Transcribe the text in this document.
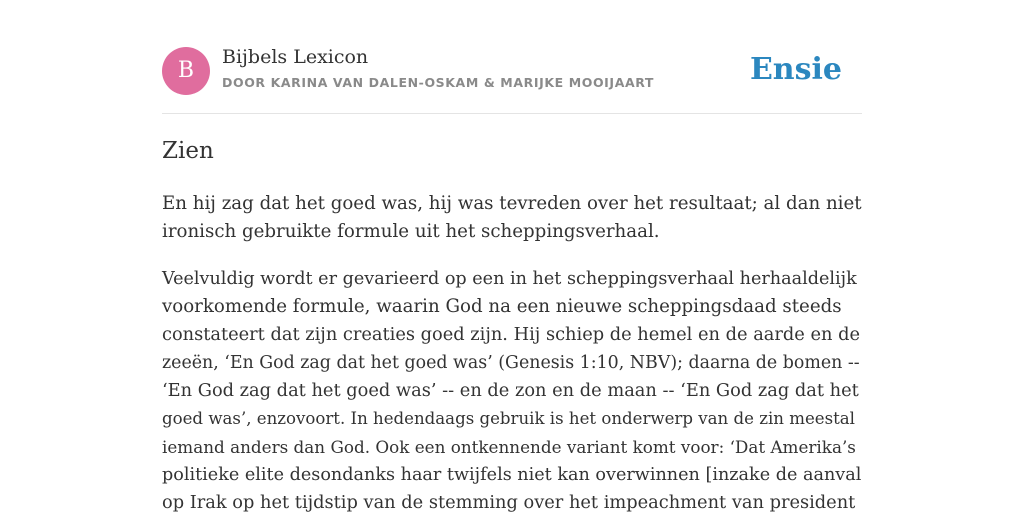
B
Bijbels Lexicon
DOOR KARINA VAN DALEN-OSKAM & MARIJKE MOOIJAART	Ensie
Zien

En hij zag dat het goed was, hij was tevreden over het resultaat; al dan niet
ironisch gebruikte formule uit het scheppingsverhaal.

Veelvuldig wordt er gevarieerd op een in het scheppingsverhaal herhaaldelijk
voorkomende formule, waarin God na een nieuwe scheppingsdaad steeds
constateert dat zijn creaties goed zijn. Hij schiep de hemel en de aarde en de
zeeën, ‘En God zag dat het goed was’ (Genesis 1:10, NBV); daarna de bomen --
‘En God zag dat het goed was’ -- en de zon en de maan -- ‘En God zag dat het
goed was’, enzovoort. In hedendaags gebruik is het onderwerp van de zin meestal
iemand anders dan God. Ook een ontkennende variant komt voor: ‘Dat Amerika’s
politieke elite desondanks haar twijfels niet kan overwinnen [inzake de aanval
op Irak op het tijdstip van de stemming over het impeachment van president
